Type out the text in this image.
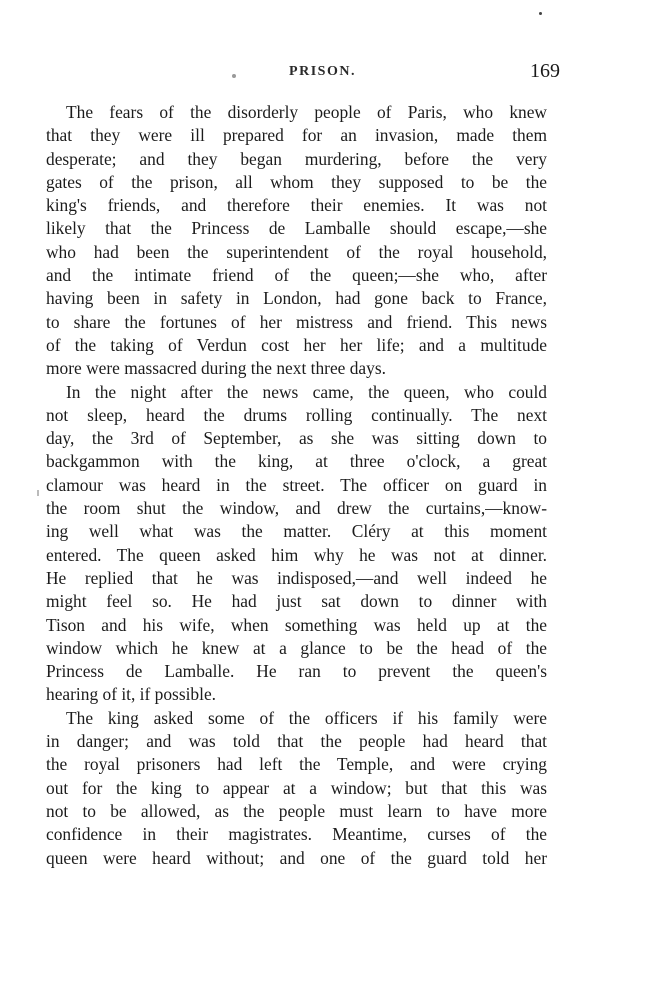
PRISON.	169
The fears of the disorderly people of Paris, who knew
that they were ill prepared for an invasion, made them
desperate; and they began murdering, before the very
gates of the prison, all whom they supposed to be the
king's friends, and therefore their enemies. It was not
likely that the Princess de Lamballe should escape,—she
who had been the superintendent of the royal household,
and the intimate friend of the queen;—she who, after
having been in safety in London, had gone back to France,
to share the fortunes of her mistress and friend. This news
of the taking of Verdun cost her her life; and a multitude
more were massacred during the next three days.
In the night after the news came, the queen, who could
not sleep, heard the drums rolling continually. The next
day, the 3rd of September, as she was sitting down to
backgammon with the king, at three o'clock, a great
clamour was heard in the street. The officer on guard in
the room shut the window, and drew the curtains,—know-
ing well what was the matter. Cléry at this moment
entered. The queen asked him why he was not at dinner.
He replied that he was indisposed,—and well indeed he
might feel so. He had just sat down to dinner with
Tison and his wife, when something was held up at the
window which he knew at a glance to be the head of the
Princess de Lamballe. He ran to prevent the queen's
hearing of it, if possible.
The king asked some of the officers if his family were
in danger; and was told that the people had heard that
the royal prisoners had left the Temple, and were crying
out for the king to appear at a window; but that this was
not to be allowed, as the people must learn to have more
confidence in their magistrates. Meantime, curses of the
queen were heard without; and one of the guard told her
